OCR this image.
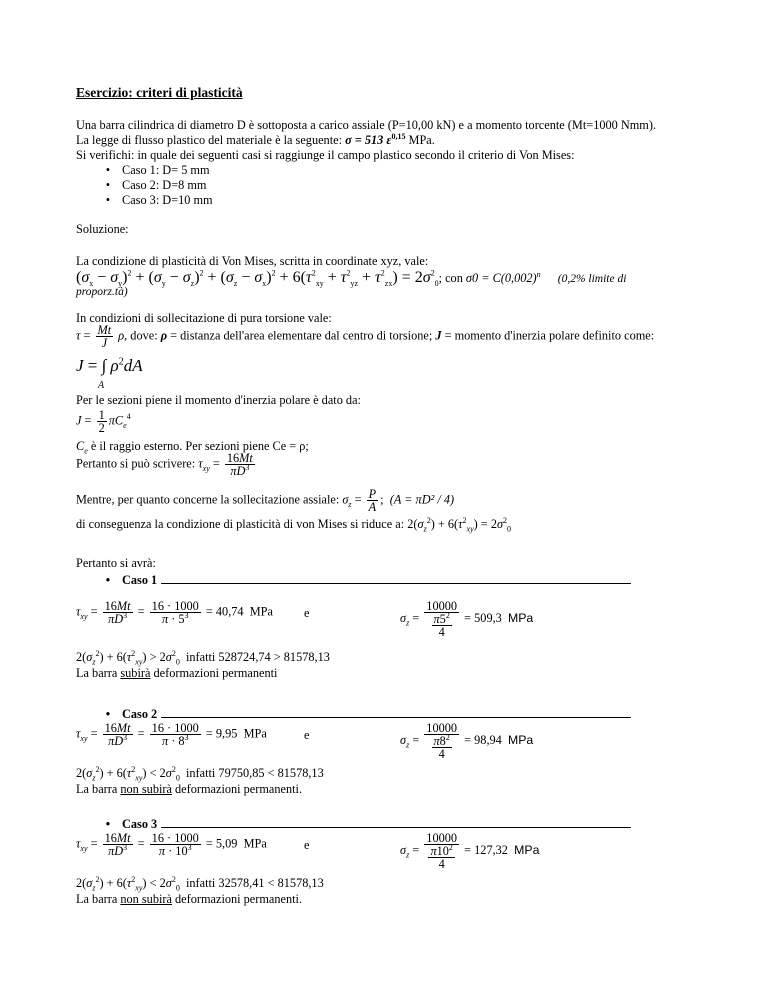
Esercizio: criteri di plasticità
Una barra cilindrica di diametro D è sottoposta a carico assiale (P=10,00 kN) e a momento torcente (Mt=1000 Nmm).
La legge di flusso plastico del materiale è la seguente: σ = 513 $\varepsilon^{0,15}$ MPa.
Si verifichi: in quale dei seguenti casi si raggiunge il campo plastico secondo il criterio di Von Mises:
• Caso 1: D= 5 mm
• Caso 2: D=8 mm
• Caso 3: D=10 mm
Soluzione:
La condizione di plasticità di Von Mises, scritta in coordinate xyz, vale:
$(\sigma_x - \sigma_y)^2 + (\sigma_y - \sigma_z)^2 + (\sigma_z - \sigma_x)^2 + 6(\tau^2_{xy} + \tau^2_{yz} + \tau^2_{zx}) = 2\sigma^2_0$; con $\sigma 0 = C(0,002)^n$ (0,2% limite di
proporz.tà)
In condizioni di sollecitazione di pura torsione vale:
$\tau = \frac{Mt}{J} \rho$, dove: ρ = distanza dell'area elementare dal centro di torsione; J = momento d'inerzia polare definito come:
J = ∫ $\rho^2dA$
A
Per le sezioni piene il momento d'inerzia polare è dato da:
$J = \frac{1}{2} \pi C_e^4$
$C_e$ è il raggio esterno. Per sezioni piene Ce = ρ;
Pertanto si può scrivere: $\tau_{xy} = \frac{16Mt}{\pi D^3}$
Mentre, per quanto concerne la sollecitazione assiale: $\sigma_z = \frac{P}{A}$ ;  (A = πD² / 4)
di conseguenza la condizione di plasticità di von Mises si riduce a: $2(\sigma_z^2) + 6(\tau^2_{xy}) = 2\sigma^2_0$
Pertanto si avrà:
• Caso 1
$\tau_{xy} = \frac{16Mt}{\pi D^3} = \frac{16 \cdot 1000}{\pi \cdot 5^3} = 40,74$ MPa	e	$\sigma_z = \frac{10000}{\frac{\pi 5^2}{4}} = 509,3$ MPa
$2(\sigma_z^2) + 6(\tau^2_{xy}) > 2\sigma^2_0$ infatti 528724,74 > 81578,13
La barra subirà deformazioni permanenti
• Caso 2
$\tau_{xy} = \frac{16Mt}{\pi D^3} = \frac{16 \cdot 1000}{\pi \cdot 8^3} = 9,95$ MPa	e	$\sigma_z = \frac{10000}{\frac{\pi 8^2}{4}} = 98,94$ MPa
$2(\sigma_z^2) + 6(\tau^2_{xy}) < 2\sigma^2_0$ infatti 79750,85 < 81578,13
La barra non subirà deformazioni permanenti.
• Caso 3
$\tau_{xy} = \frac{16Mt}{\pi D^3} = \frac{16 \cdot 1000}{\pi \cdot 10^3} = 5,09$ MPa	e	$\sigma_z = \frac{10000}{\frac{\pi 10^2}{4}} = 127,32$ MPa
$2(\sigma_z^2) + 6(\tau^2_{xy}) < 2\sigma^2_0$ infatti 32578,41 < 81578,13
La barra non subirà deformazioni permanenti.
